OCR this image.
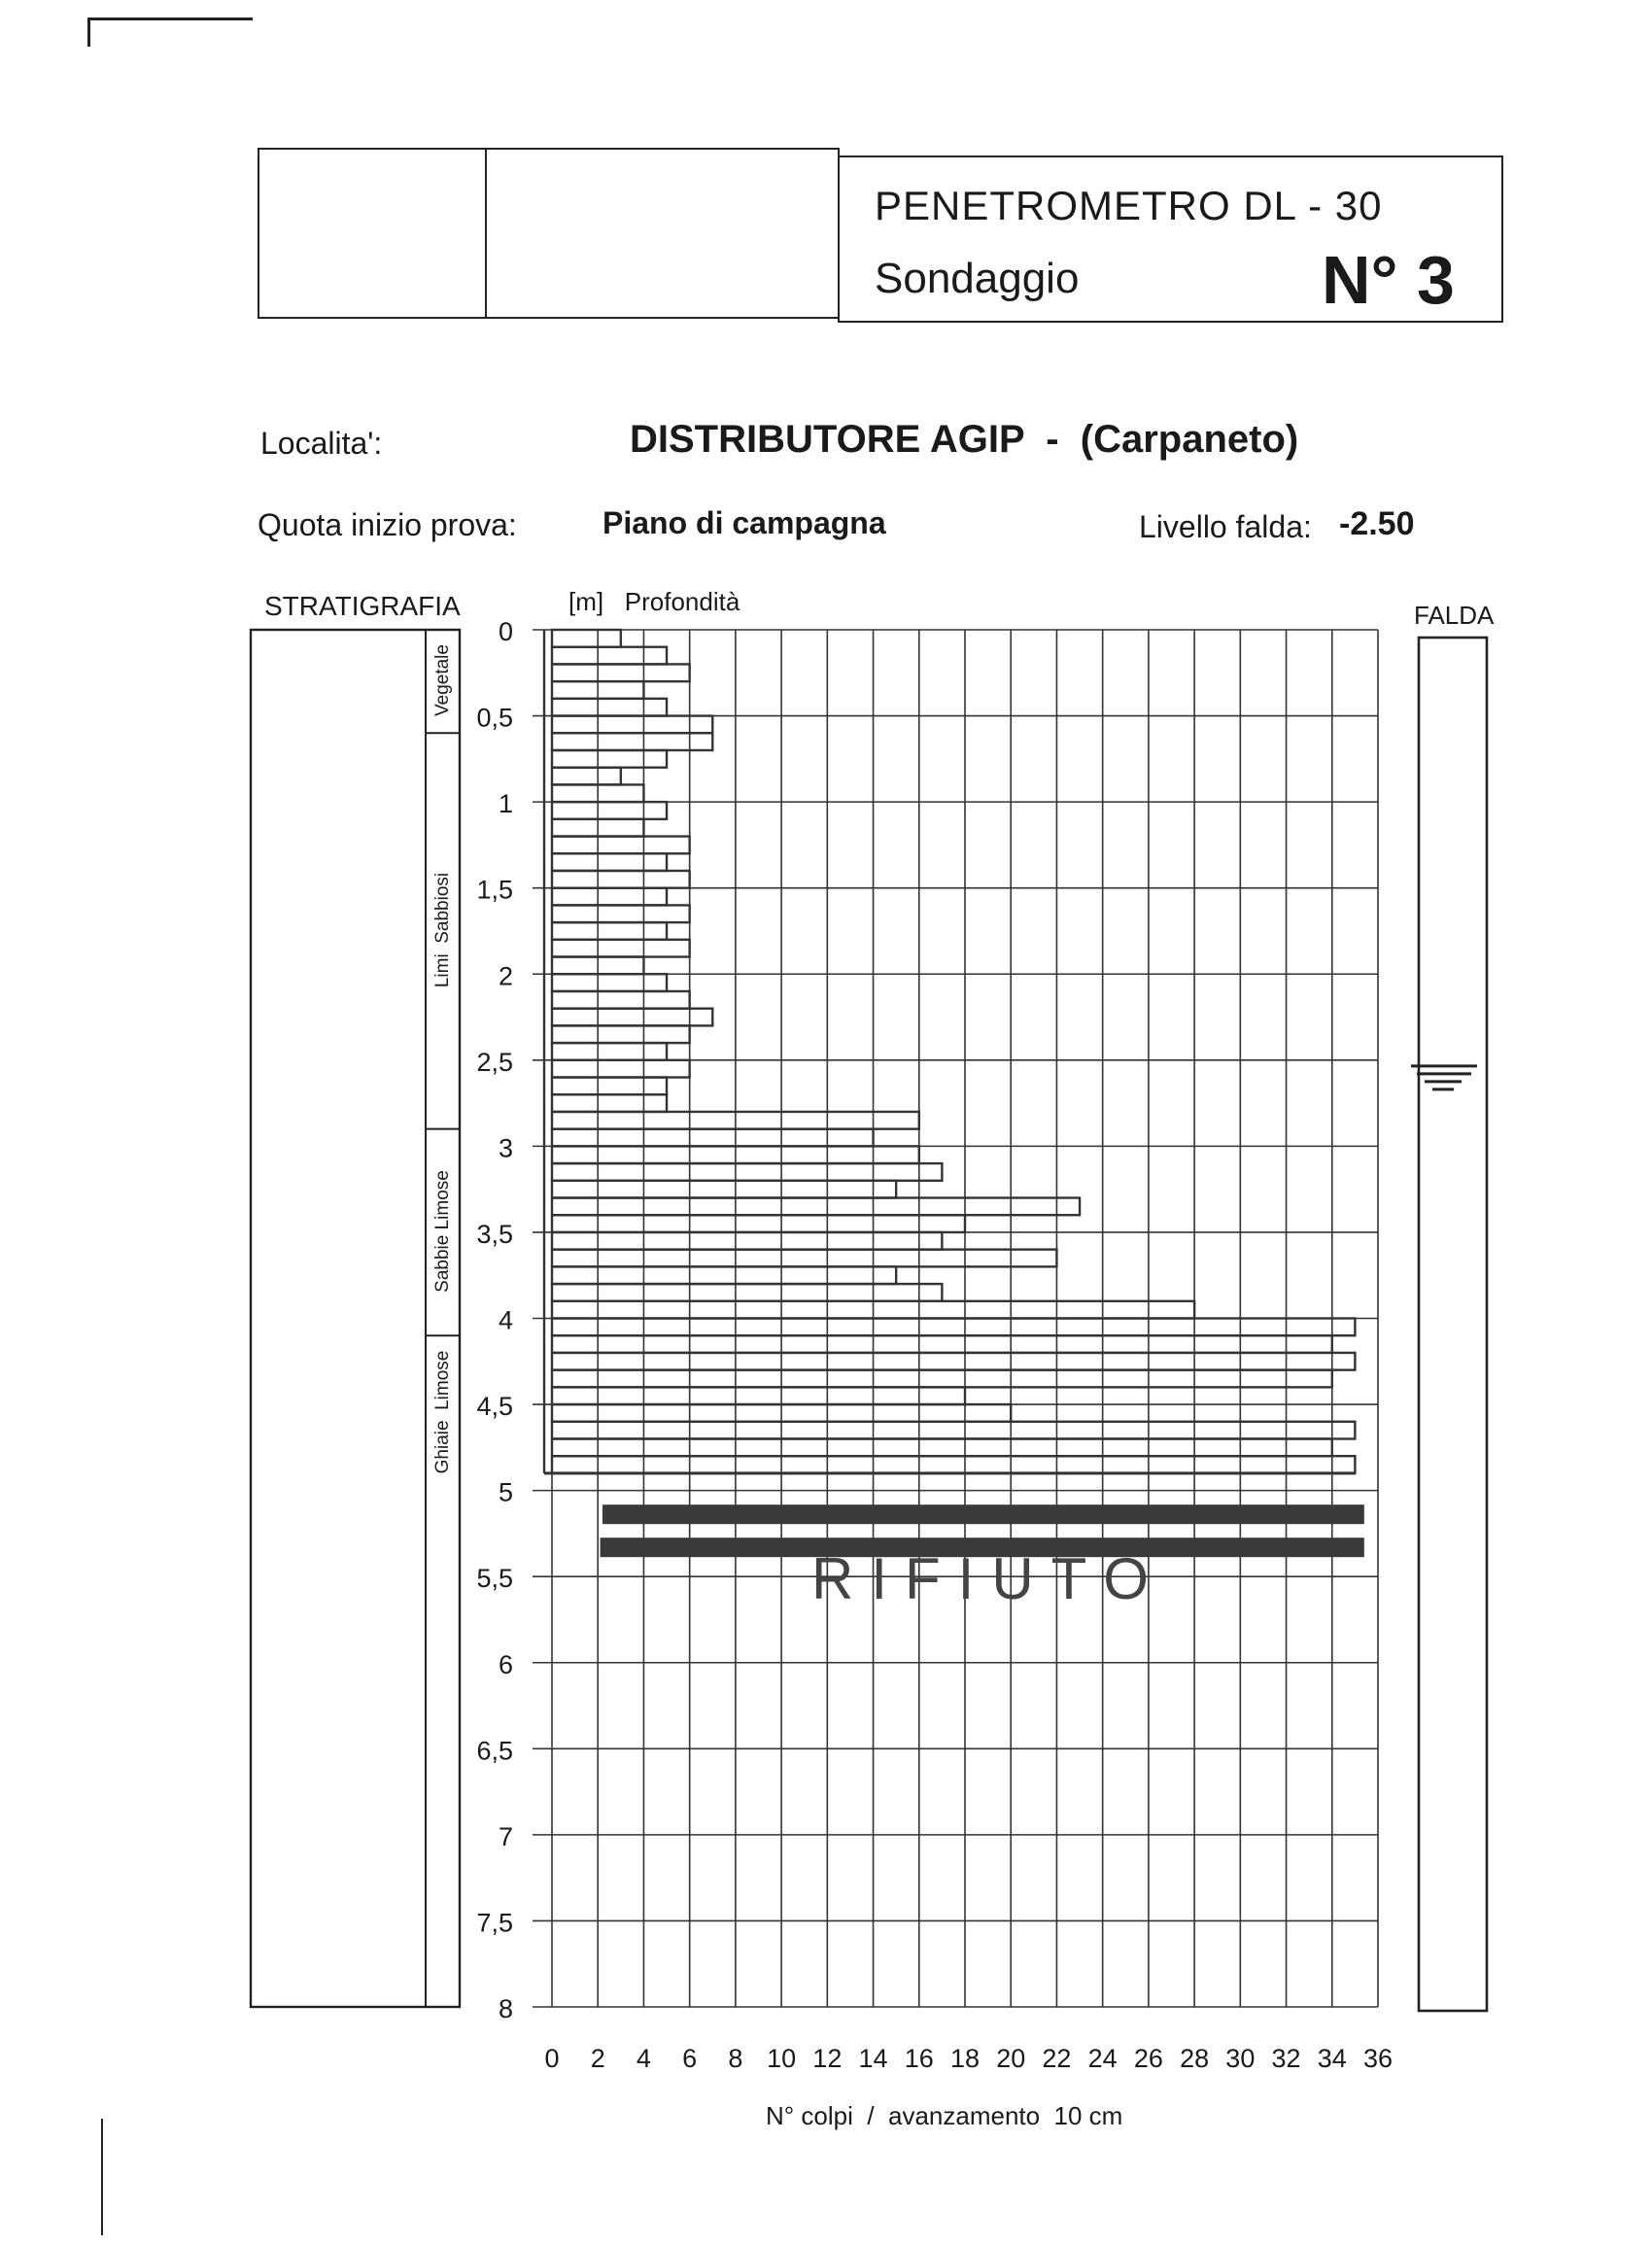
PENETROMETRO DL - 30
Sondaggio	N° 3
Localita':	DISTRIBUTORE AGIP  -  (Carpaneto)
Quota inizio prova:	Piano di campagna	Livello falda: -2.50
STRATIGRAFIA	FALDA
0
0,5
1
1,5
2
2,5
3
3,5
4
4,5
5
5,5
6
6,5
7
7,5
8
0 2 4 6 8 10 12 14 16 18 20 22 24 26 28 30 32 34 36
[m]   Profondità
N° colpi  /  avanzamento  10 cm
RIFIUTO
Vegetale
Limi  Sabbiosi
Sabbie Limose
Ghiaie  Limose
